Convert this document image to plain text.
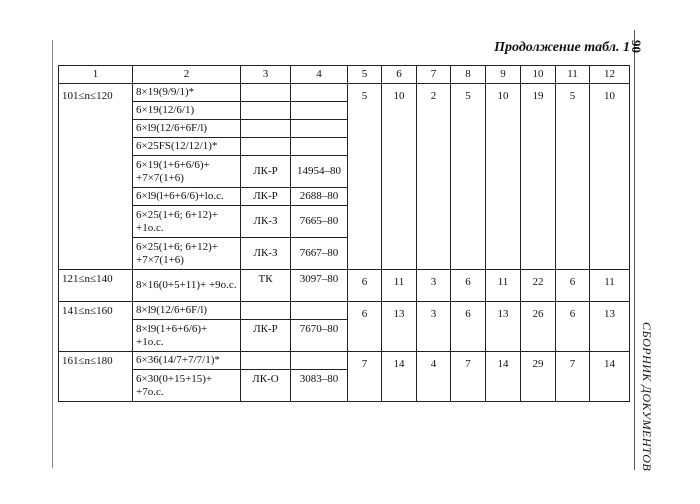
90
СБОРНИК ДОКУМЕНТОВ
Продолжение табл. 1
1	2	3	4	5	6	7	8	9	10	11	12
101≤n≤120	8×19(9/9/1)*			5	10	2	5	10	19	5	10
	6×19(12/6/1)										
	6×l9(12/6+6F/l)										
	6×25FS(12/12/1)*										
	6×19(1+6+6/6)+ +7×7(1+6)	ЛК-Р	14954–80								
	6×l9(l+6+6/6)+lo.c.	ЛК-Р	2688–80								
	6×25(1+6; 6+12)+ +1o.c.	ЛК-З	7665–80								
	6×25(1+6; 6+12)+ +7×7(1+6)	ЛК-З	7667–80								
121≤n≤140	8×16(0+5+11)+ +9o.c.	ТК	3097–80	6	11	3	6	11	22	6	11
141≤n≤160	8×l9(12/6+6F/l)			6	13	3	6	13	26	6	13
	8×l9(1+6+6/6)+ +1o.c.	ЛК-Р	7670–80								
161≤n≤180	6×36(14/7+7/7/1)*			7	14	4	7	14	29	7	14
	6×30(0+15+15)+ +7o.c.	ЛК-О	3083–80								
